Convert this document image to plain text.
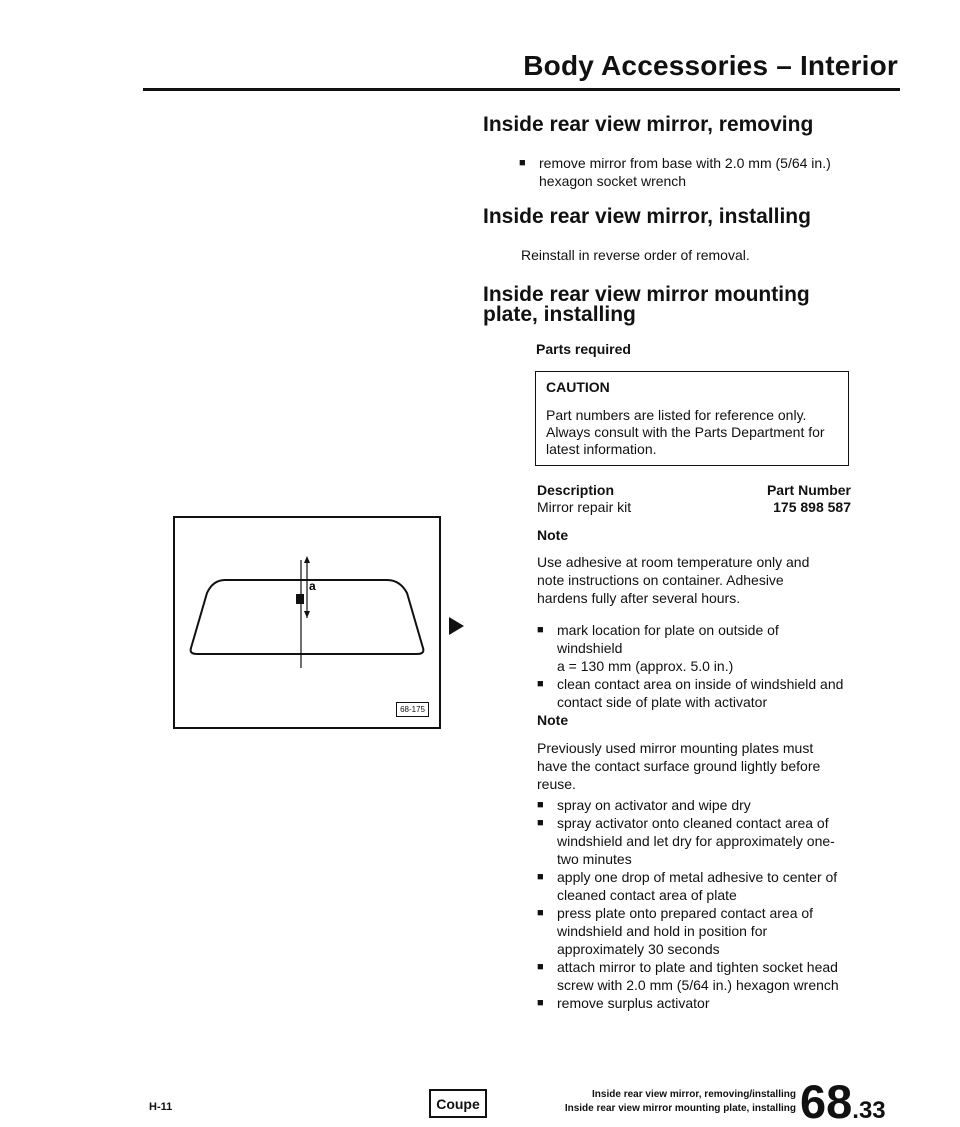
Body Accessories – Interior
Inside rear view mirror, removing
■ remove mirror from base with 2.0 mm (5/64 in.) hexagon socket wrench
Inside rear view mirror, installing

Reinstall in reverse order of removal.

Inside rear view mirror mounting
plate, installing
Parts required
CAUTION
Part numbers are listed for reference only. Always consult with the Parts Department for latest information.
Description	Part Number
Mirror repair kit	175 898 587
Note

Use adhesive at room temperature only and note instructions on container. Adhesive hardens fully after several hours.

■ mark location for plate on outside of windshield
a = 130 mm (approx. 5.0 in.)
■ clean contact area on inside of windshield and contact side of plate with activator
Note

Previously used mirror mounting plates must have the contact surface ground lightly before reuse.

■ spray on activator and wipe dry
■ spray activator onto cleaned contact area of windshield and let dry for approximately one-two minutes
■ apply one drop of metal adhesive to center of cleaned contact area of plate
■ press plate onto prepared contact area of windshield and hold in position for approximately 30 seconds
■ attach mirror to plate and tighten socket head screw with 2.0 mm (5/64 in.) hexagon wrench
■ remove surplus activator
a
68-175
H-11	Coupe
Inside rear view mirror, removing/installing
Inside rear view mirror mounting plate, installing 68.33
